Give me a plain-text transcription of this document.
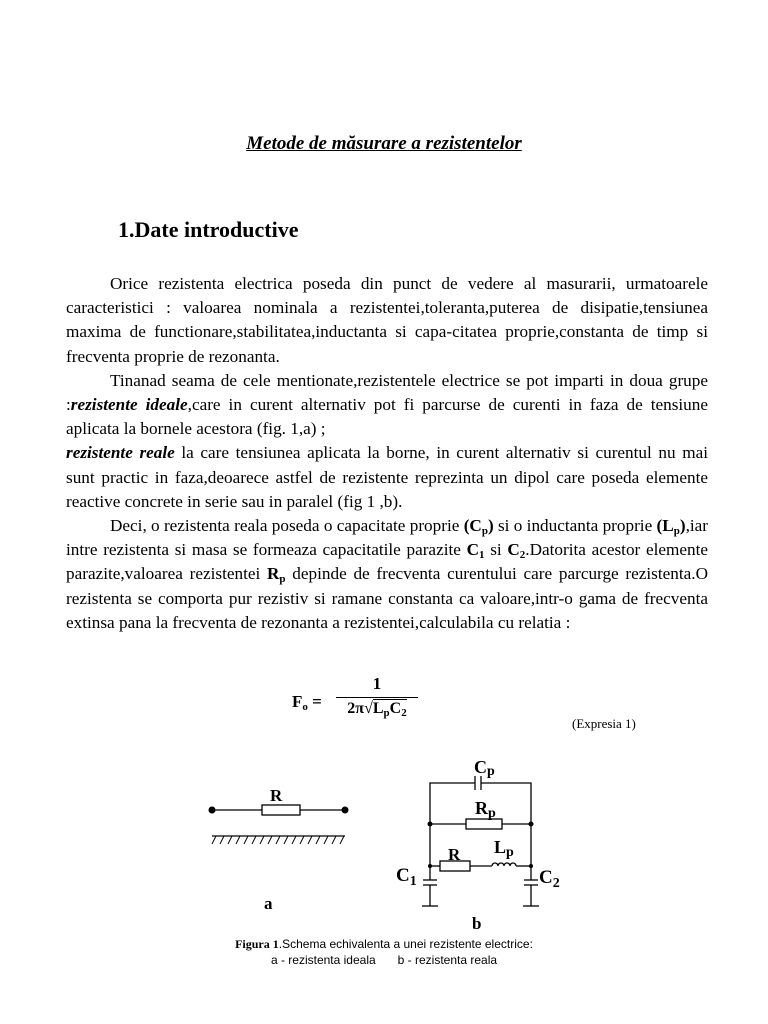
Metode de măsurare a rezistentelor
1.Date introductive

Orice rezistenta electrica poseda din punct de vedere al masurarii, urmatoarele caracteristici : valoarea nominala a rezistentei,toleranta,puterea de disipatie,tensiunea maxima de functionare,stabilitatea,inductanta si capa-citatea proprie,constanta de timp si frecventa proprie de rezonanta.

Tinanad seama de cele mentionate,rezistentele electrice se pot imparti in doua grupe :rezistente ideale,care in curent alternativ pot fi parcurse de curenti in faza de tensiune aplicata la bornele acestora (fig. 1,a) ;

rezistente reale la care tensiunea aplicata la borne, in curent alternativ si curentul nu mai sunt practic in faza,deoarece astfel de rezistente reprezinta un dipol care poseda elemente reactive concrete in serie sau in paralel (fig 1 ,b).

Deci, o rezistenta reala poseda o capacitate proprie $(C_p)$ si o inductanta proprie $(L_p),iar$ intre rezistenta si masa se formeaza capacitatile parazite $C_1$ si $C_2.Datorita$ acestor elemente parazite,valoarea rezistentei $R_p$ depinde de frecventa curentului care parcurge rezistenta.O rezistenta se comporta pur rezistiv si ramane constanta ca valoare,intr-o gama de frecventa extinsa pana la frecventa de rezonanta a rezistentei,calculabila cu relatia :

$F_o$ =
1
$2\pi√L_pC_2$
(Expresia 1)
R
a
Cp
Rp
R Lp
$C_1$	$C_2$
b
Figura 1.Schema echivalenta a unei rezistente electrice:
a - rezistenta ideala b - rezistenta reala
